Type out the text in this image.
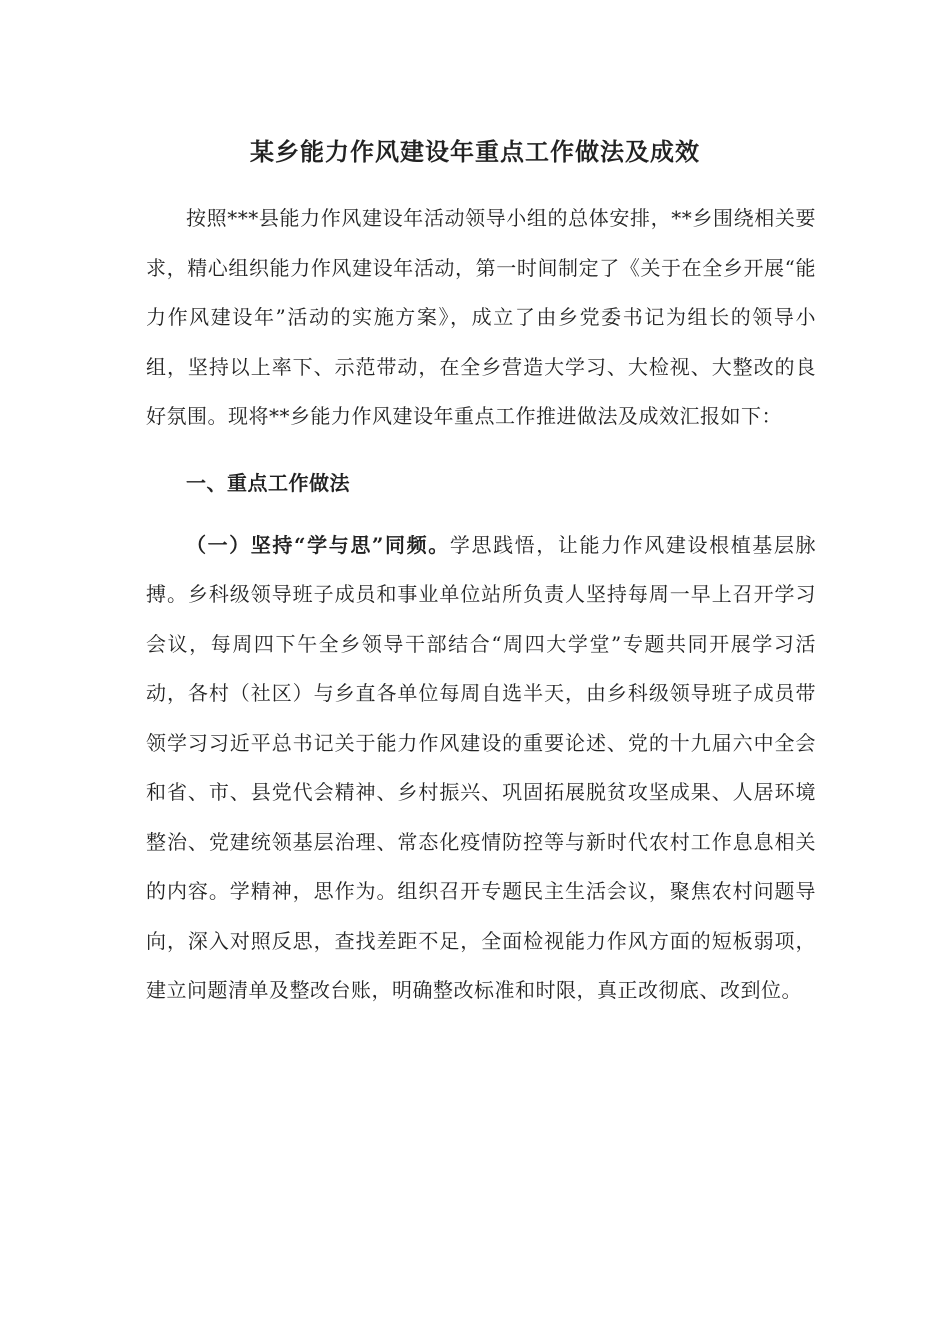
某乡能力作风建设年重点工作做法及成效

按照***县能力作风建设年活动领导小组的总体安排，**乡围绕相关要求，精心组织能力作风建设年活动，第一时间制定了《关于在全乡开展“能力作风建设年”活动的实施方案》，成立了由乡党委书记为组长的领导小组，坚持以上率下、示范带动，在全乡营造大学习、大检视、大整改的良好氛围。现将**乡能力作风建设年重点工作推进做法及成效汇报如下：

一、重点工作做法

（一）坚持“学与思”同频。学思践悟，让能力作风建设根植基层脉搏。乡科级领导班子成员和事业单位站所负责人坚持每周一早上召开学习会议，每周四下午全乡领导干部结合“周四大学堂”专题共同开展学习活动，各村（社区）与乡直各单位每周自选半天，由乡科级领导班子成员带领学习习近平总书记关于能力作风建设的重要论述、党的十九届六中全会和省、市、县党代会精神、乡村振兴、巩固拓展脱贫攻坚成果、人居环境整治、党建统领基层治理、常态化疫情防控等与新时代农村工作息息相关的内容。学精神，思作为。组织召开专题民主生活会议，聚焦农村问题导向，深入对照反思，查找差距不足，全面检视能力作风方面的短板弱项，建立问题清单及整改台账，明确整改标准和时限，真正改彻底、改到位。
